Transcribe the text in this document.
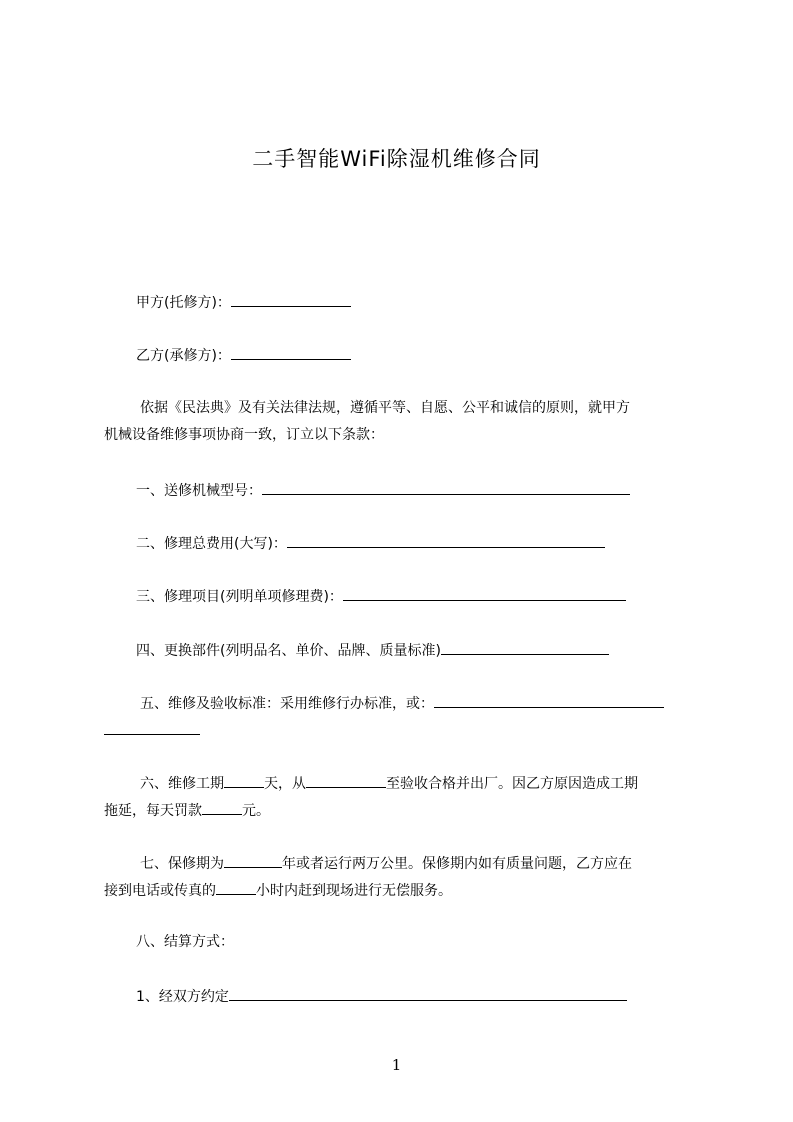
二手智能WiFi除湿机维修合同
甲方(托修方)：
乙方(承修方)：
依据《民法典》及有关法律法规，遵循平等、自愿、公平和诚信的原则，就甲方
机械设备维修事项协商一致，订立以下条款：
一、送修机械型号：
二、修理总费用(大写)：
三、修理项目(列明单项修理费)：
四、更换部件(列明品名、单价、品牌、质量标准)
五、维修及验收标准：采用维修行办标准，或：
六、维修工期	天，从	至验收合格并出厂。因乙方原因造成工期
拖延，每天罚款	元。
七、保修期为	年或者运行两万公里。保修期内如有质量问题，乙方应在
接到电话或传真的	小时内赶到现场进行无偿服务。
八、结算方式：
1、经双方约定
1
